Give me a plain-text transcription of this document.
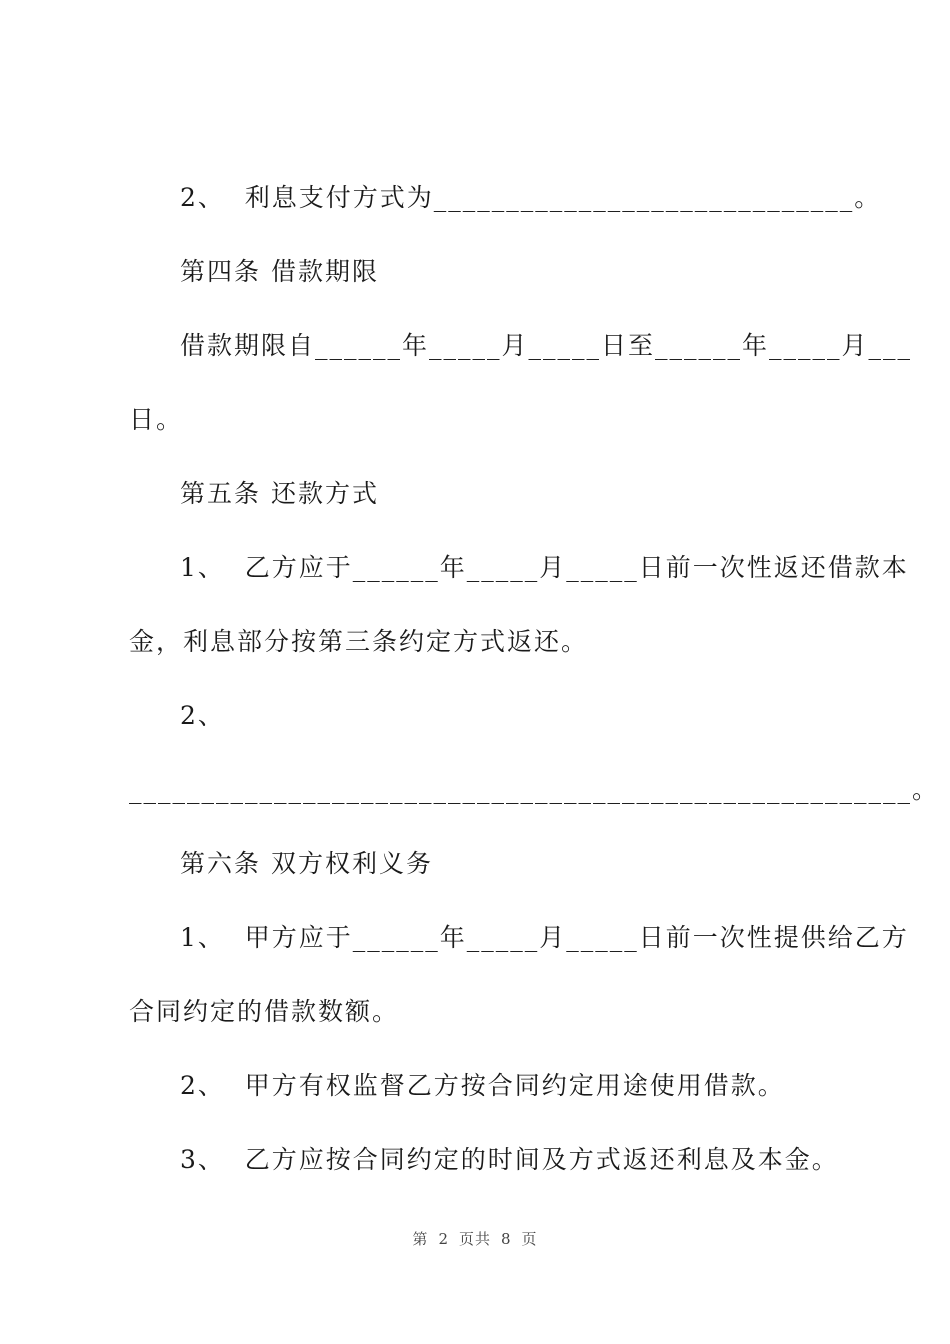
2、  利息支付方式为_____________________________。
第四条 借款期限
借款期限自______年_____月_____日至______年_____月___
日。
第五条 还款方式
1、  乙方应于______年_____月_____日前一次性返还借款本
金，利息部分按第三条约定方式返还。
2、
______________________________________________________。
第六条 双方权利义务
1、  甲方应于______年_____月_____日前一次性提供给乙方
合同约定的借款数额。
2、  甲方有权监督乙方按合同约定用途使用借款。
3、  乙方应按合同约定的时间及方式返还利息及本金。
第 2 页共 8 页
